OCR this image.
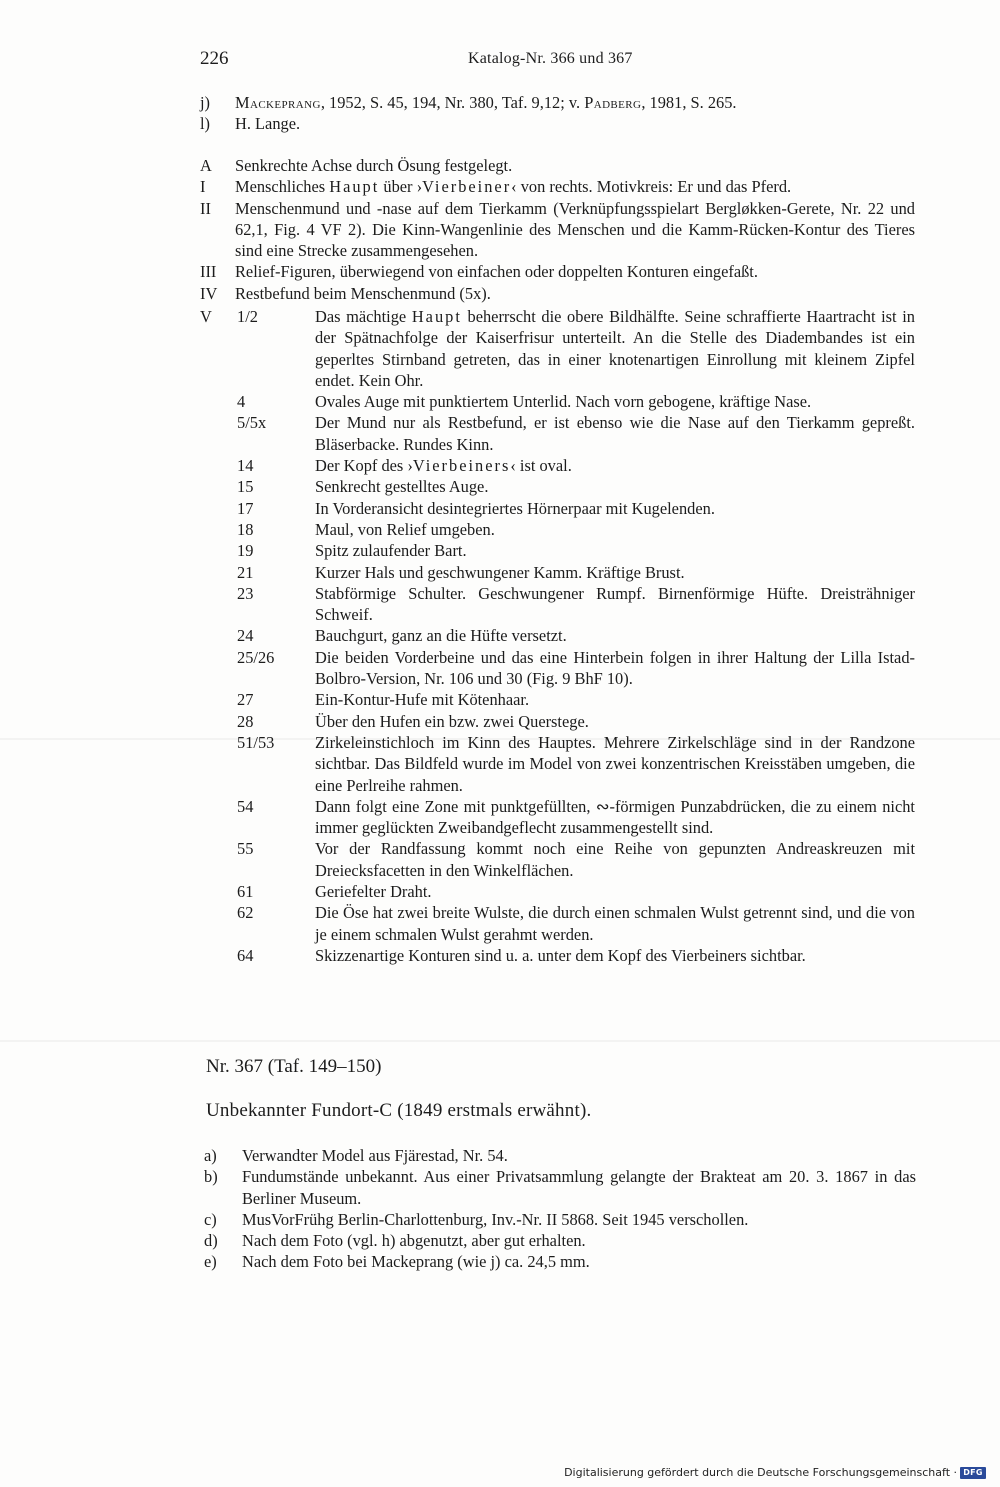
226	Katalog-Nr. 366 und 367
j) Mackeprang, 1952, S. 45, 194, Nr. 380, Taf. 9,12; v. Padberg, 1981, S. 265.
l) H. Lange.
A Senkrechte Achse durch Ösung festgelegt.
I Menschliches Haupt über ›Vierbeiner‹ von rechts. Motivkreis: Er und das Pferd.
II Menschenmund und -nase auf dem Tierkamm (Verknüpfungsspielart Bergløkken-Gerete, Nr. 22 und 62,1, Fig. 4 VF 2). Die Kinn-Wangenlinie des Menschen und die Kamm-Rücken-Kontur des Tieres sind eine Strecke zusammengesehen.
III Relief-Figuren, überwiegend von einfachen oder doppelten Konturen eingefaßt.
IV Restbefund beim Menschenmund (5x).
V 1/2	Das mächtige Haupt beherrscht die obere Bildhälfte. Seine schraffierte Haartracht ist in der Spätnachfolge der Kaiserfrisur unterteilt. An die Stelle des Diadembandes ist ein geperltes Stirnband getreten, das in einer knotenartigen Einrollung mit kleinem Zipfel endet. Kein Ohr.
4	Ovales Auge mit punktiertem Unterlid. Nach vorn gebogene, kräftige Nase.
5/5x	Der Mund nur als Restbefund, er ist ebenso wie die Nase auf den Tierkamm gepreßt. Bläserbacke. Rundes Kinn.
14	Der Kopf des ›Vierbeiners‹ ist oval.
15	Senkrecht gestelltes Auge.
17	In Vorderansicht desintegriertes Hörnerpaar mit Kugelenden.
18	Maul, von Relief umgeben.
19	Spitz zulaufender Bart.
21	Kurzer Hals und geschwungener Kamm. Kräftige Brust.
23	Stabförmige Schulter. Geschwungener Rumpf. Birnenförmige Hüfte. Dreisträhniger Schweif.
24	Bauchgurt, ganz an die Hüfte versetzt.
25/26 Die beiden Vorderbeine und das eine Hinterbein folgen in ihrer Haltung der Lilla Istad-Bolbro-Version, Nr. 106 und 30 (Fig. 9 BhF 10).
27	Ein-Kontur-Hufe mit Kötenhaar.
28	Über den Hufen ein bzw. zwei Querstege.
51/53 Zirkeleinstichloch im Kinn des Hauptes. Mehrere Zirkelschläge sind in der Randzone sichtbar. Das Bildfeld wurde im Model von zwei konzentrischen Kreisstäben umgeben, die eine Perlreihe rahmen.
54	Dann folgt eine Zone mit punktgefüllten, ∾-förmigen Punzabdrücken, die zu einem nicht immer geglückten Zweibandgeflecht zusammengestellt sind.
55	Vor der Randfassung kommt noch eine Reihe von gepunzten Andreaskreuzen mit Dreiecksfacetten in den Winkelflächen.
61	Geriefelter Draht.
62	Die Öse hat zwei breite Wulste, die durch einen schmalen Wulst getrennt sind, und die von je einem schmalen Wulst gerahmt werden.
64	Skizzenartige Konturen sind u. a. unter dem Kopf des Vierbeiners sichtbar.
Nr. 367 (Taf. 149–150)
Unbekannter Fundort-C (1849 erstmals erwähnt).
a) Verwandter Model aus Fjärestad, Nr. 54.
b) Fundumstände unbekannt. Aus einer Privatsammlung gelangte der Brakteat am 20. 3. 1867 in das Berliner Museum.
c) MusVorFrühg Berlin-Charlottenburg, Inv.-Nr. II 5868. Seit 1945 verschollen.
d) Nach dem Foto (vgl. h) abgenutzt, aber gut erhalten.
e) Nach dem Foto bei Mackeprang (wie j) ca. 24,5 mm.
Digitalisierung gefördert durch die Deutsche Forschungsgemeinschaft · DFG
